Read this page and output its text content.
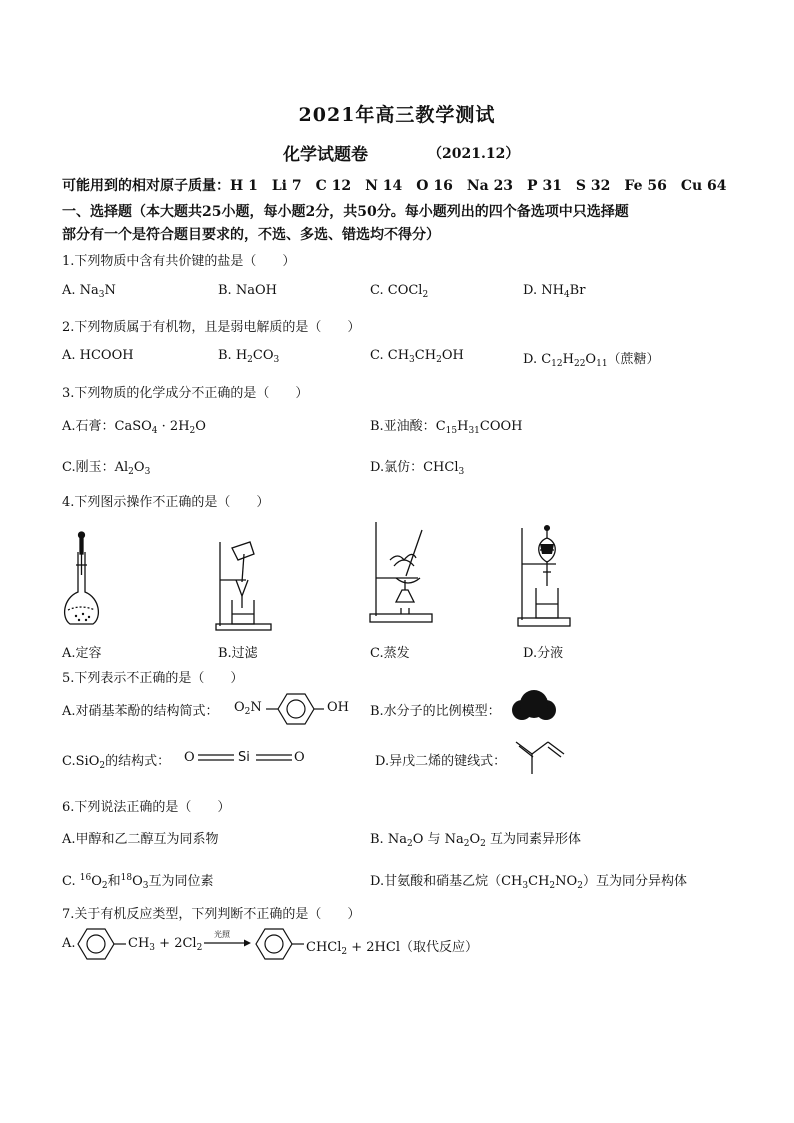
2021年高三教学测试
化学试题卷	（2021.12）
可能用到的相对原子质量：H 1　Li 7　C 12　N 14　O 16　Na 23　P 31　S 32　Fe 56　Cu 64
一、选择题（本大题共25小题，每小题2分，共50分。每小题列出的四个备选项中只选择题
部分有一个是符合题目要求的，不选、多选、错选均不得分）
1.下列物质中含有共价键的盐是（　　）
A. $Na_3N$	B. NaOH	C. COCl$_2$	D. $NH_4Br$
2.下列物质属于有机物，且是弱电解质的是（　　）
A. HCOOH	B. $H_2CO_3$	C. $CH_3CH_2OH$	D. $C_{12}H_{22}O_{11}$（蔗糖）
3.下列物质的化学成分不正确的是（　　）
A.石膏：CaSO$_4$ · $2H_2O$	B.亚油酸：$C_{15}H_{31}COOH$
C.刚玉：$Al_2O_3$	D.氯仿：CHCl$_3$
4.下列图示操作不正确的是（　　）
A.定容	B.过滤	C.蒸发	D.分液
5.下列表示不正确的是（　　）
A.对硝基苯酚的结构简式： $O_2N$	OH B.水分子的比例模型：
C.SiO$_2$的结构式： O	Si	O	D.异戊二烯的键线式：
6.下列说法正确的是（　　）
A.甲醇和乙二醇互为同系物	B. $Na_2O$ 与 $Na_2O_2$ 互为同素异形体
C. $^{16}O_2$和$^{18}O_3$互为同位素	D.甘氨酸和硝基乙烷$(CH_3CH_2NO_2)$互为同分异构体
7.关于有机反应类型，下列判断不正确的是（　　）
A.	$CH_3 + 2Cl_2$
光照
CHCl$_2$ + 2HCl（取代反应）
